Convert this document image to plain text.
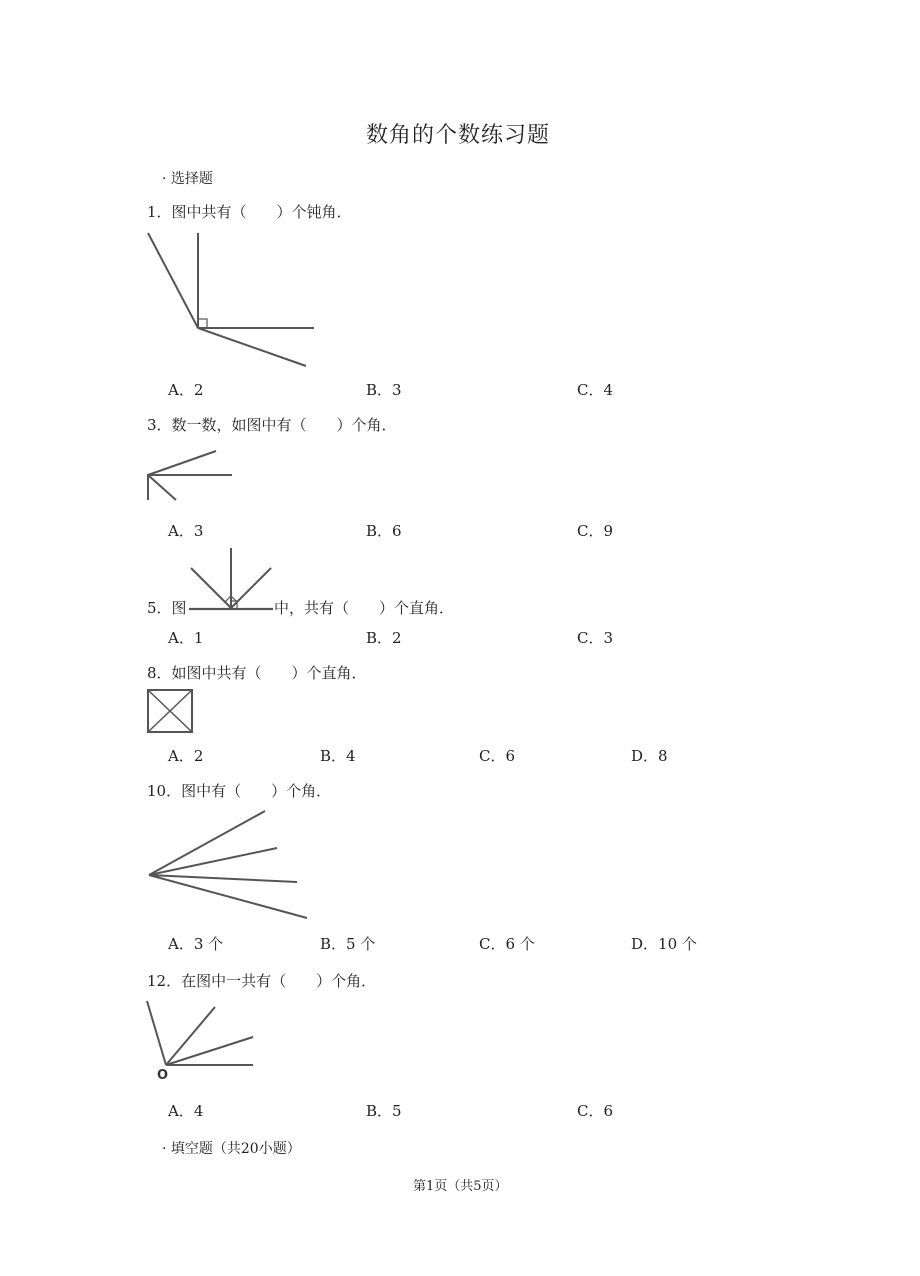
数角的个数练习题
· 选择题
1．图中共有（　　）个钝角．
A．2	B．3	C．4
3．数一数，如图中有（　　）个角．
A．3	B．6	C．9
5．图	中，共有（　　）个直角．
A．1	B．2	C．3
8．如图中共有（　　）个直角．
A．2	B．4	C．6	D．8
10．图中有（　　）个角．
A．3 个	B．5 个	C．6 个	D．10 个
12．在图中一共有（　　）个角．
O
A．4	B．5	C．6
· 填空题（共20小题）
第1页（共5页）
